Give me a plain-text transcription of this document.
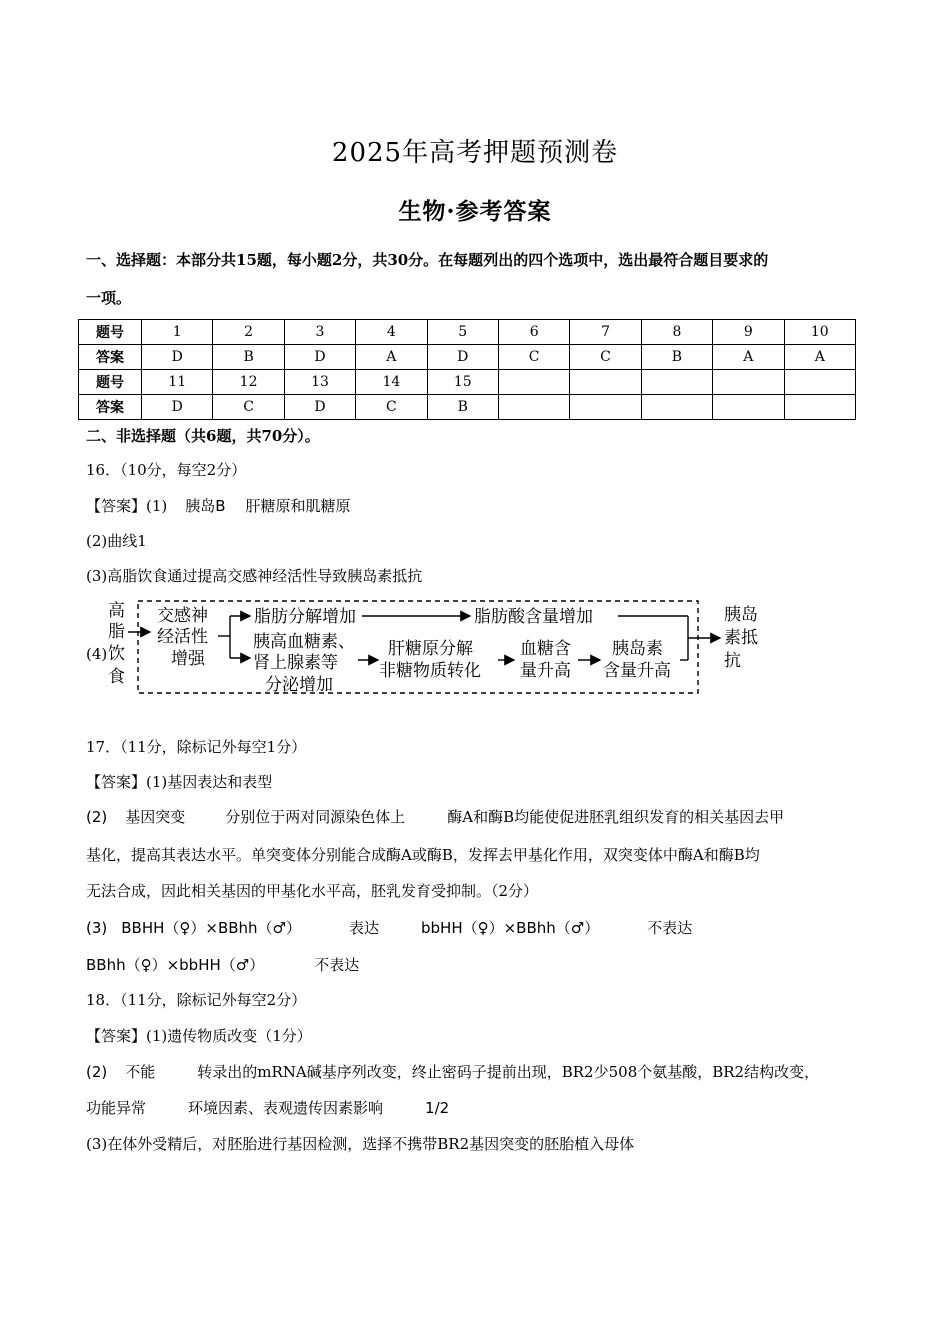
2025年高考押题预测卷
生物·参考答案
一、选择题：本部分共15题，每小题2分，共30分。在每题列出的四个选项中，选出最符合题目要求的
一项。
题号	1	2	3	4	5	6	7	8	9	10
答案	D	B	D	A	D	C	C	B	A	A
题号	11	12	13	14	15					
答案	D	C	D	C	B					
二、非选择题（共6题，共70分）。
16．（10分，每空2分）
【答案】(1) 胰岛B 肝糖原和肌糖原
(2)曲线1
(3)高脂饮食通过提高交感神经活性导致胰岛素抵抗
高
脂
饮
食
(4)
交感神
经活性
增强
脂肪分解增加	脂肪酸含量增加
胰高血糖素、
肾上腺素等
分泌增加
肝糖原分解
非糖物质转化
血糖含
量升高
胰岛素
含量升高
胰岛
素抵
抗
17．（11分，除标记外每空1分）
【答案】(1)基因表达和表型
(2) 基因突变	分别位于两对同源染色体上	酶A和酶B均能使促进胚乳组织发育的相关基因去甲
基化，提高其表达水平。单突变体分别能合成酶A或酶B，发挥去甲基化作用，双突变体中酶A和酶B均
无法合成，因此相关基因的甲基化水平高，胚乳发育受抑制。（2分）
(3) BBHH（♀）×BBhh（♂）	表达	bbHH（♀）×BBhh（♂）	不表达
BBhh（♀）×bbHH（♂）	不表达
18．（11分，除标记外每空2分）
【答案】(1)遗传物质改变（1分）
(2) 不能	转录出的mRNA碱基序列改变，终止密码子提前出现，BR2少508个氨基酸，BR2结构改变，
功能异常	环境因素、表观遗传因素影响	1/2
(3)在体外受精后，对胚胎进行基因检测，选择不携带BR2基因突变的胚胎植入母体
